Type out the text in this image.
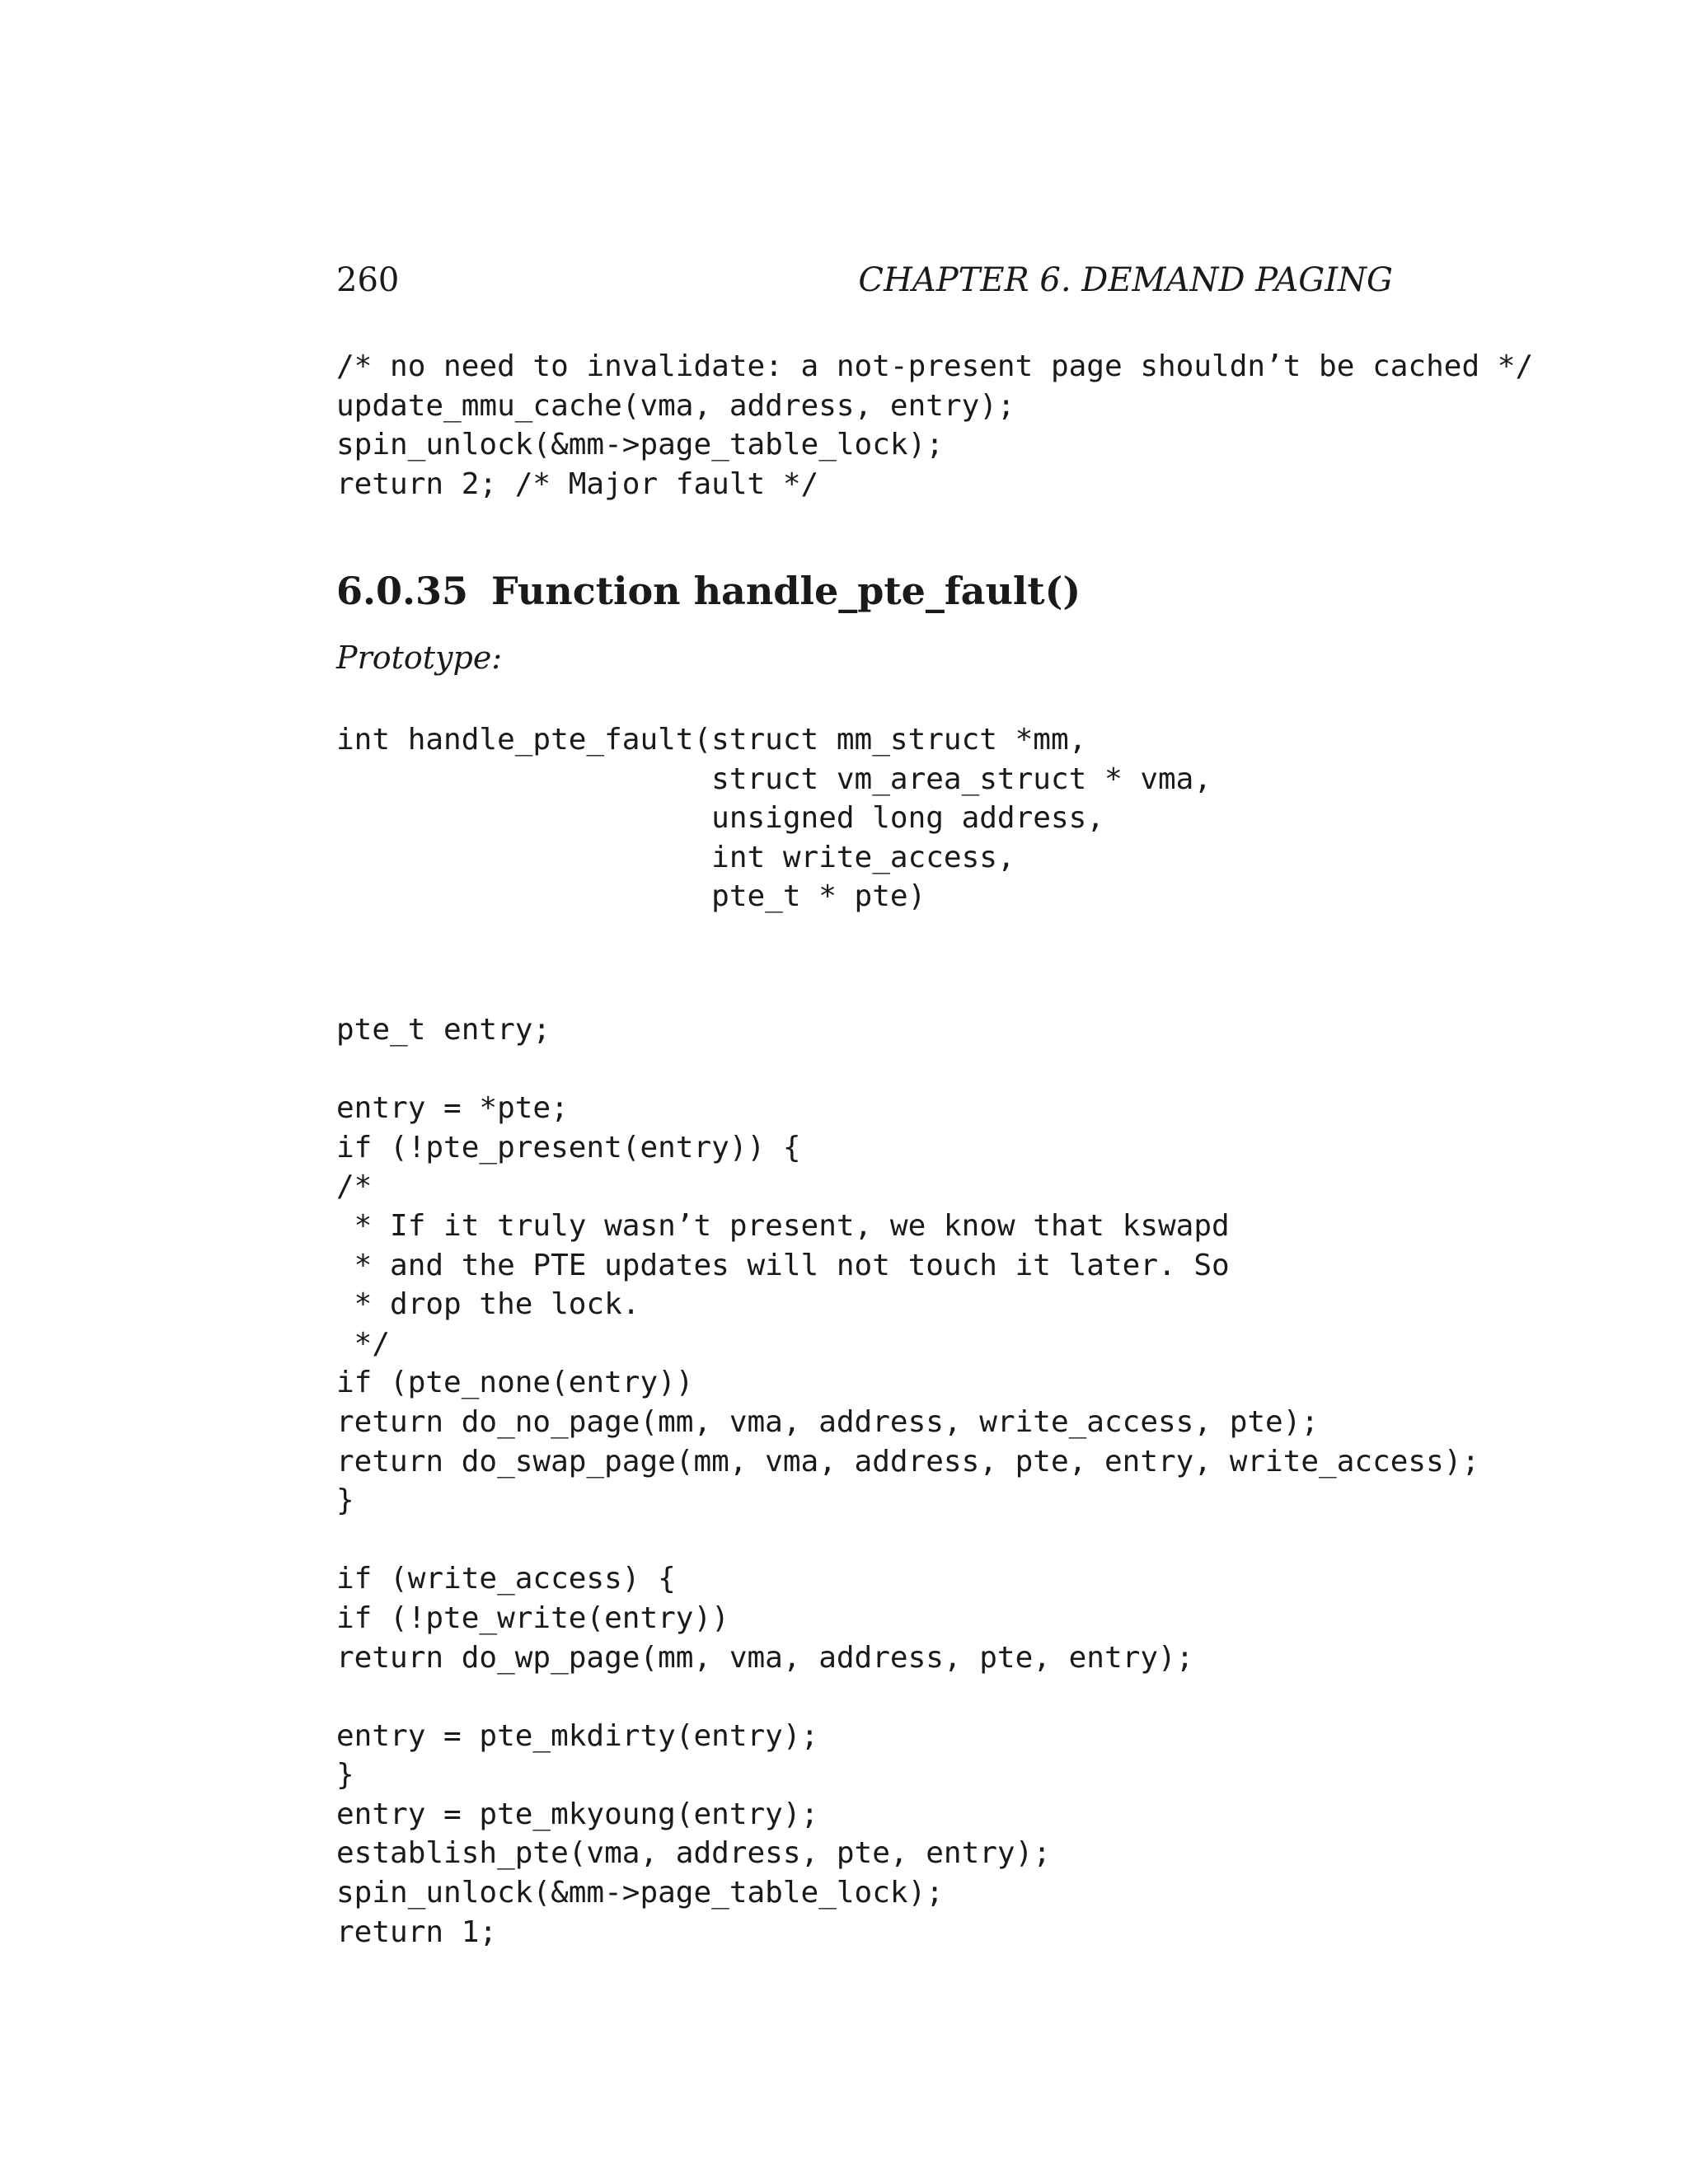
260	CHAPTER 6. DEMAND PAGING
/* no need to invalidate: a not-present page shouldn’t be cached */
update_mmu_cache(vma, address, entry);
spin_unlock(&mm->page_table_lock);
return 2; /* Major fault */
6.0.35 Function handle_pte_fault()
Prototype:
int handle_pte_fault(struct mm_struct *mm,
struct vm_area_struct * vma,
unsigned long address,
int write_access,
pte_t * pte)
pte_t entry;

entry = *pte;
if (!pte_present(entry)) {
/*
* If it truly wasn’t present, we know that kswapd
* and the PTE updates will not touch it later. So
* drop the lock.
*/
if (pte_none(entry))
return do_no_page(mm, vma, address, write_access, pte);
return do_swap_page(mm, vma, address, pte, entry, write_access);
}

if (write_access) {
if (!pte_write(entry))
return do_wp_page(mm, vma, address, pte, entry);

entry = pte_mkdirty(entry);
}
entry = pte_mkyoung(entry);
establish_pte(vma, address, pte, entry);
spin_unlock(&mm->page_table_lock);
return 1;
